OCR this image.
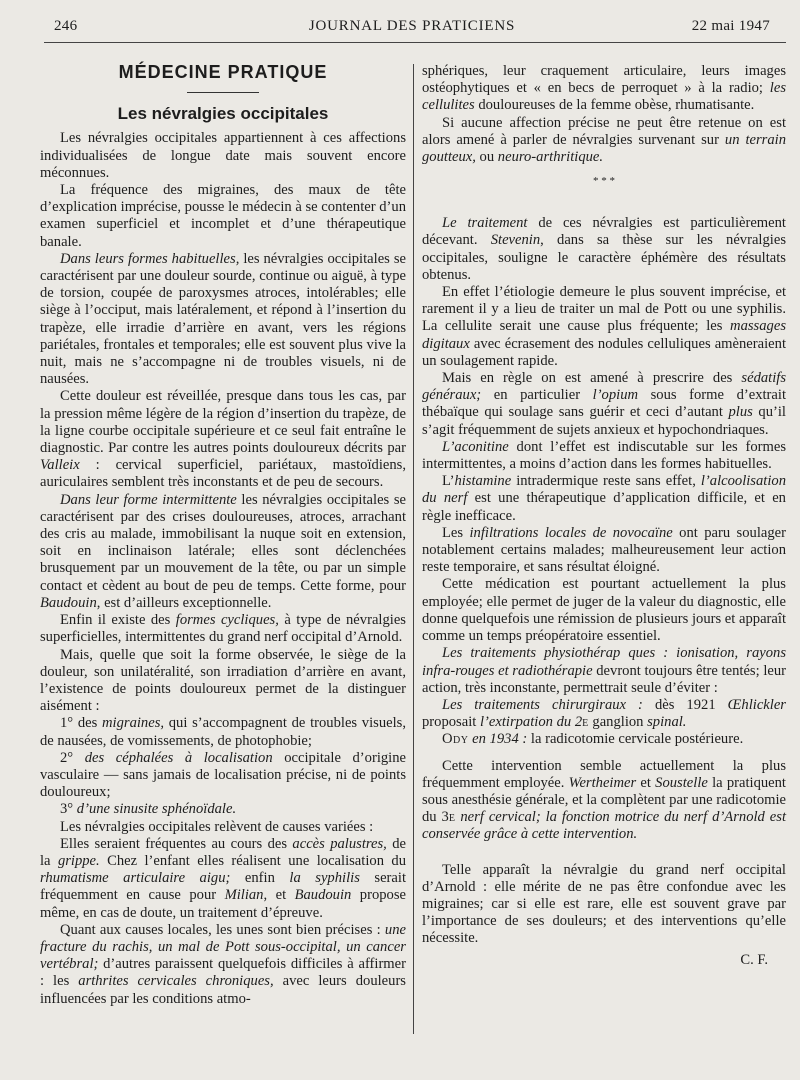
246	JOURNAL DES PRATICIENS	22 mai 1947
MÉDECINE PRATIQUE
Les névralgies occipitales

Les névralgies occipitales appartiennent à ces affections individualisées de longue date mais souvent encore méconnues.

La fréquence des migraines, des maux de tête d’explication imprécise, pousse le médecin à se contenter d’un examen superficiel et incomplet et d’une thérapeutique banale.

Dans leurs formes habituelles, les névralgies occipitales se caractérisent par une douleur sourde, continue ou aiguë, à type de torsion, coupée de paroxysmes atroces, intolérables; elle siège à l’occiput, mais latéralement, et répond à l’insertion du trapèze, elle irradie d’arrière en avant, vers les régions pariétales, frontales et temporales; elle est souvent plus vive la nuit, mais ne s’accompagne ni de troubles visuels, ni de nausées.

Cette douleur est réveillée, presque dans tous les cas, par la pression même légère de la région d’insertion du trapèze, de la ligne courbe occipitale supérieure et ce seul fait entraîne le diagnostic. Par contre les autres points douloureux décrits par Valleix : cervical superficiel, pariétaux, mastoïdiens, auriculaires semblent très inconstants et de peu de secours.

Dans leur forme intermittente les névralgies occipitales se caractérisent par des crises douloureuses, atroces, arrachant des cris au malade, immobilisant la nuque soit en extension, soit en inclinaison latérale; elles sont déclenchées brusquement par un mouvement de la tête, ou par un simple contact et cèdent au bout de peu de temps. Cette forme, pour Baudouin, est d’ailleurs exceptionnelle.

Enfin il existe des formes cycliques, à type de névralgies superficielles, intermittentes du grand nerf occipital d’Arnold.

Mais, quelle que soit la forme observée, le siège de la douleur, son unilatéralité, son irradiation d’arrière en avant, l’existence de points douloureux permet de la distinguer aisément :

1° des migraines, qui s’accompagnent de troubles visuels, de nausées, de vomissements, de photophobie;

2° des céphalées à localisation occipitale d’origine vasculaire — sans jamais de localisation précise, ni de points douloureux;

3° d’une sinusite sphénoïdale.

Les névralgies occipitales relèvent de causes variées :

Elles seraient fréquentes au cours des accès palustres, de la grippe. Chez l’enfant elles réalisent une localisation du rhumatisme articulaire aigu; enfin la syphilis serait fréquemment en cause pour Milian, et Baudouin propose même, en cas de doute, un traitement d’épreuve.

Quant aux causes locales, les unes sont bien précises : une fracture du rachis, un mal de Pott sous-occipital, un cancer vertébral; d’autres paraissent quelquefois difficiles à affirmer : les arthrites cervicales chroniques, avec leurs douleurs influencées par les conditions atmo-

sphériques, leur craquement articulaire, leurs images ostéophytiques et « en becs de perroquet » à la radio; les cellulites douloureuses de la femme obèse, rhumatisante.

Si aucune affection précise ne peut être retenue on est alors amené à parler de névralgies survenant sur un terrain goutteux, ou neuro-arthritique.

* * *

Le traitement de ces névralgies est particulièrement décevant. Stevenin, dans sa thèse sur les névralgies occipitales, souligne le caractère éphémère des résultats obtenus.

En effet l’étiologie demeure le plus souvent imprécise, et rarement il y a lieu de traiter un mal de Pott ou une syphilis. La cellulite serait une cause plus fréquente; les massages digitaux avec écrasement des nodules celluliques amèneraient un soulagement rapide.

Mais en règle on est amené à prescrire des sédatifs généraux; en particulier l’opium sous forme d’extrait thébaïque qui soulage sans guérir et ceci d’autant plus qu’il s’agit fréquemment de sujets anxieux et hypochondriaques.

L’aconitine dont l’effet est indiscutable sur les formes intermittentes, a moins d’action dans les formes habituelles.

L’histamine intradermique reste sans effet, l’alcoolisation du nerf est une thérapeutique d’application difficile, et en règle inefficace.

Les infiltrations locales de novocaïne ont paru soulager notablement certains malades; malheureusement leur action reste temporaire, et sans résultat éloigné.

Cette médication est pourtant actuellement la plus employée; elle permet de juger de la valeur du diagnostic, elle donne quelquefois une rémission de plusieurs jours et apparaît comme un temps préopératoire essentiel.

Les traitements physiothérap ques : ionisation, rayons infra-rouges et radiothérapie devront toujours être tentés; leur action, très inconstante, permettrait seule d’éviter :

Les traitements chirurgiraux : dès 1921 Œhlickler proposait l’extirpation du 2e ganglion spinal.

Ody en 1934 : la radicotomie cervicale postérieure.

Cette intervention semble actuellement la plus fréquemment employée. Wertheimer et Soustelle la pratiquent sous anesthésie générale, et la complètent par une radicotomie du 3e nerf cervical; la fonction motrice du nerf d’Arnold est conservée grâce à cette intervention.

Telle apparaît la névralgie du grand nerf occipital d’Arnold : elle mérite de ne pas être confondue avec les migraines; car si elle est rare, elle est souvent grave par l’importance de ses douleurs; et des interventions qu’elle nécessite.

C. F.
